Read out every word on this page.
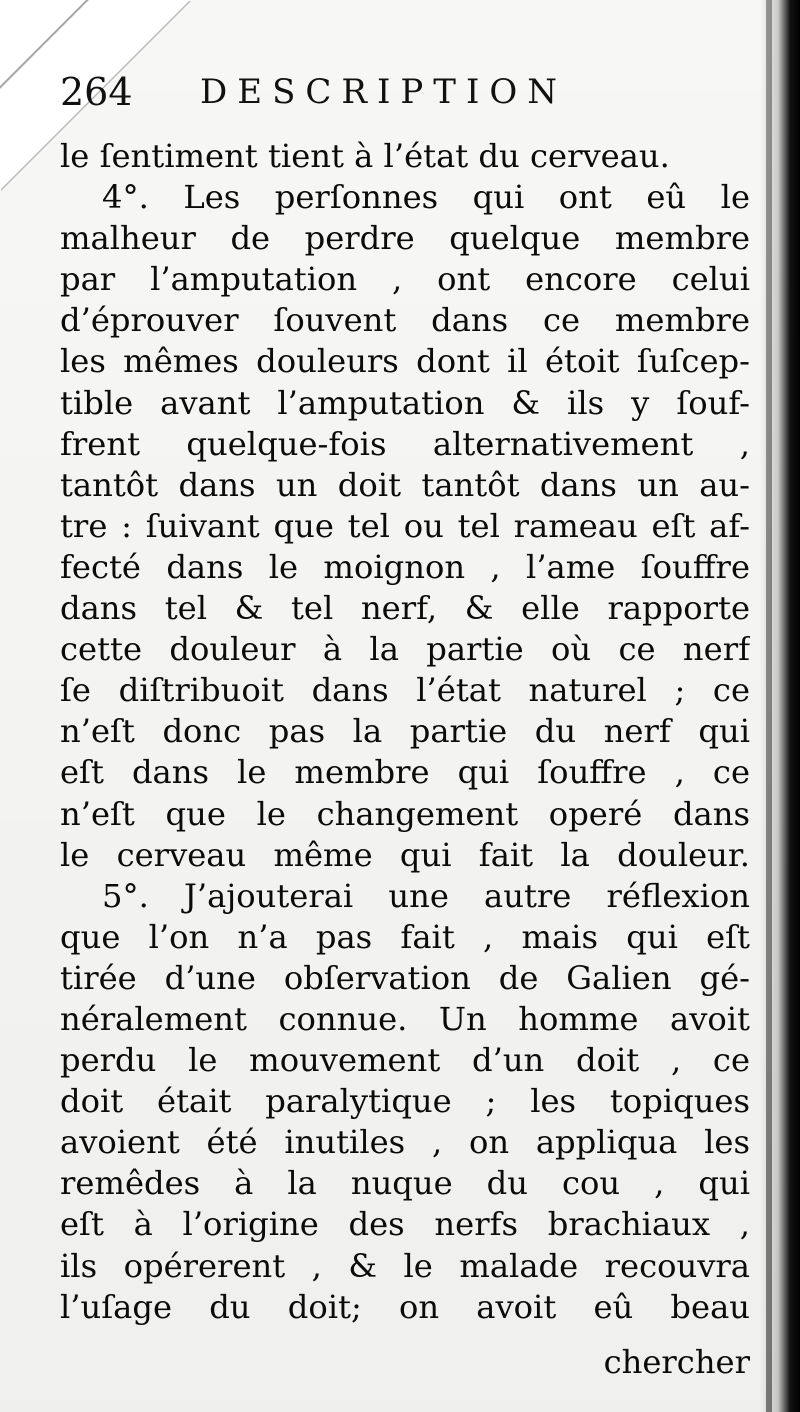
264 DESCRIPTION
le ſentiment tient à l’état du cerveau.
4°. Les perſonnes qui ont eû le
malheur de perdre quelque membre
par l’amputation , ont encore celui
d’éprouver ſouvent dans ce membre
les mêmes douleurs dont il étoit ſuſcep-
tible avant l’amputation & ils y ſouf-
frent quelque-fois alternativement ,
tantôt dans un doit tantôt dans un au-
tre : ſuivant que tel ou tel rameau eſt af-
fecté dans le moignon , l’ame ſouffre
dans tel & tel nerf, & elle rapporte
cette douleur à la partie où ce nerf
ſe diſtribuoit dans l’état naturel ; ce
n’eſt donc pas la partie du nerf qui
eſt dans le membre qui ſouffre , ce
n’eſt que le changement operé dans
le cerveau même qui fait la douleur.
5°. J’ajouterai une autre réflexion
que l’on n’a pas fait , mais qui eſt
tirée d’une obſervation de Galien gé-
néralement connue. Un homme avoit
perdu le mouvement d’un doit , ce
doit était paralytique ; les topiques
avoient été inutiles , on appliqua les
remêdes à la nuque du cou , qui
eſt à l’origine des nerfs brachiaux ,
ils opérerent , & le malade recouvra
l’uſage du doit; on avoit eû beau
chercher
